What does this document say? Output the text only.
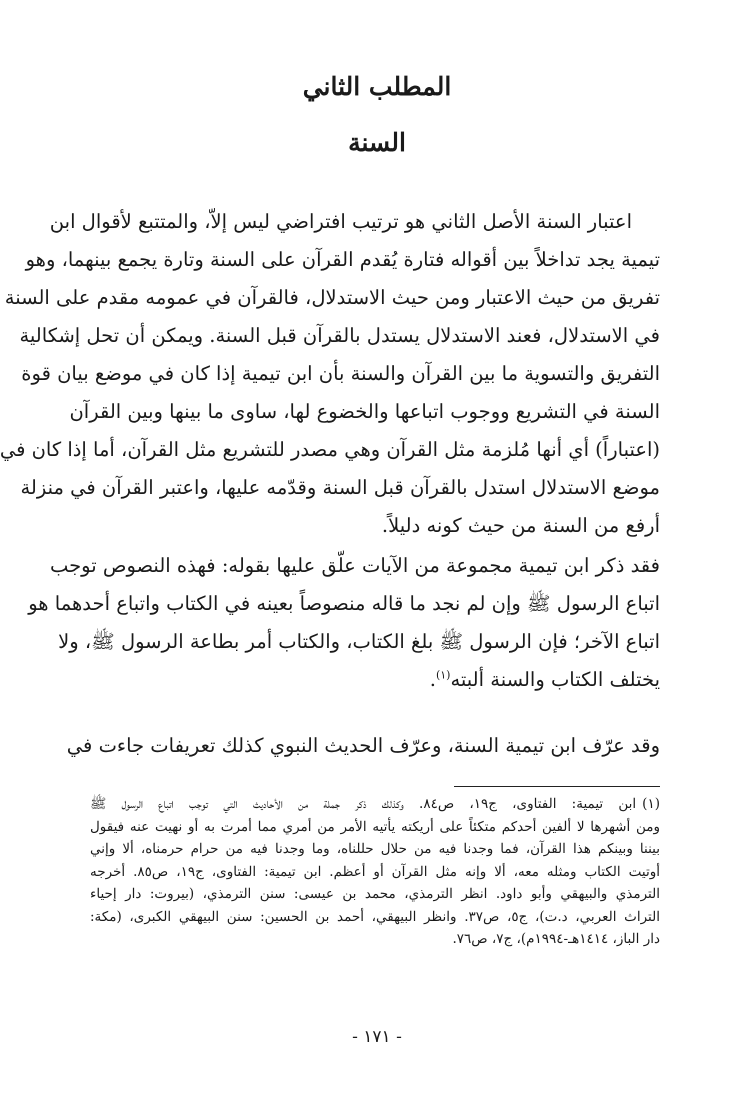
المطلب الثاني
السنة
اعتبار السنة الأصل الثاني هو ترتيب افتراضي ليس إلاّ، والمتتبع لأقوال ابن
تيمية يجد تداخلاً بين أقواله فتارة يُقدم القرآن على السنة وتارة يجمع بينهما، وهو
تفريق من حيث الاعتبار ومن حيث الاستدلال، فالقرآن في عمومه مقدم على السنة
في الاستدلال، فعند الاستدلال يستدل بالقرآن قبل السنة. ويمكن أن تحل إشكالية
التفريق والتسوية ما بين القرآن والسنة بأن ابن تيمية إذا كان في موضع بيان قوة
السنة في التشريع ووجوب اتباعها والخضوع لها، ساوى ما بينها وبين القرآن
(اعتباراً) أي أنها مُلزمة مثل القرآن وهي مصدر للتشريع مثل القرآن، أما إذا كان في
موضع الاستدلال استدل بالقرآن قبل السنة وقدّمه عليها، واعتبر القرآن في منزلة
أرفع من السنة من حيث كونه دليلاً.
فقد ذكر ابن تيمية مجموعة من الآيات علّق عليها بقوله: فهذه النصوص توجب
اتباع الرسول ﷺ وإن لم نجد ما قاله منصوصاً بعينه في الكتاب واتباع أحدهما هو
اتباع الآخر؛ فإن الرسول ﷺ بلغ الكتاب، والكتاب أمر بطاعة الرسول ﷺ، ولا
يختلف الكتاب والسنة ألبته$^{(١)}$.
وقد عرّف ابن تيمية السنة، وعرّف الحديث النبوي كذلك تعريفات جاءت في
(١)ابن تيمية: الفتاوى، ج١٩، ص٨٤. وكذلك ذكر جملة من الأحاديث التي توجب اتباع الرسول ﷺ
ومن أشهرها لا ألفين أحدكم متكئاً على أريكته يأتيه الأمر من أمري مما أمرت به أو نهيت عنه فيقول
بيننا وبينكم هذا القرآن، فما وجدنا فيه من حلال حللناه، وما وجدنا فيه من حرام حرمناه، ألا وإني
أوتيت الكتاب ومثله معه، ألا وإنه مثل القرآن أو أعظم. ابن تيمية: الفتاوى، ج١٩، ص٨٥. أخرجه
الترمذي والبيهقي وأبو داود. انظر الترمذي، محمد بن عيسى: سنن الترمذي، (بيروت: دار إحياء
التراث العربي، د.ت)، ج٥، ص٣٧. وانظر البيهقي، أحمد بن الحسين: سنن البيهقي الكبرى، (مكة:
دار الباز، ١٤١٤هـ-١٩٩٤م)، ج٧، ص٧٦.
- ١٧١ -
